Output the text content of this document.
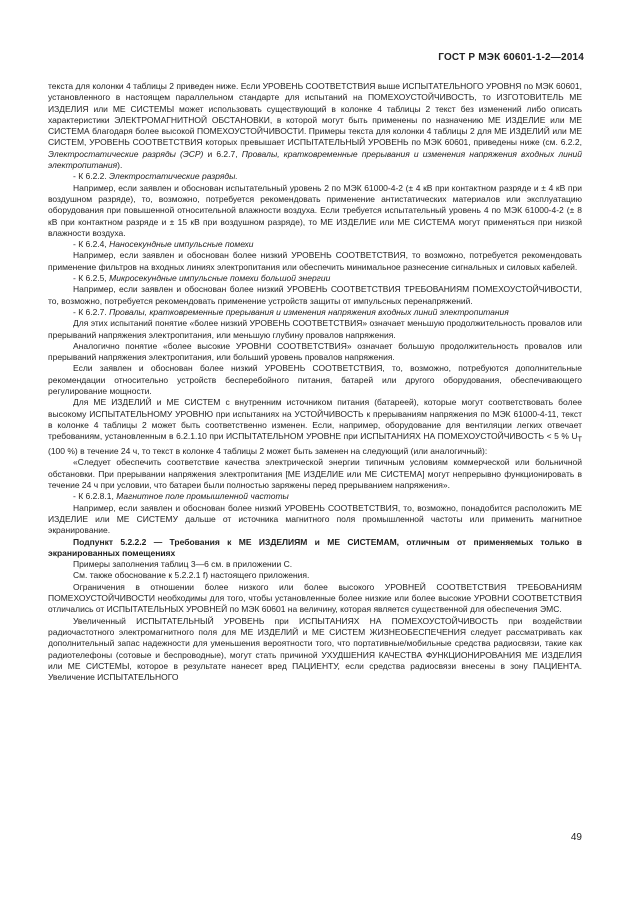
ГОСТ Р МЭК 60601-1-2—2014

текста для колонки 4 таблицы 2 приведен ниже. Если УРОВЕНЬ СООТВЕТСТВИЯ выше ИСПЫТАТЕЛЬНОГО УРОВНЯ по МЭК 60601, установленного в настоящем параллельном стандарте для испытаний на ПОМЕХОУСТОЙЧИВОСТЬ, то ИЗГОТОВИТЕЛЬ МЕ ИЗДЕЛИЯ или МЕ СИСТЕМЫ может использовать существующий в колонке 4 таблицы 2 текст без изменений либо описать характеристики ЭЛЕКТРОМАГНИТНОЙ ОБСТАНОВКИ, в которой могут быть применены по назначению МЕ ИЗДЕЛИЕ или МЕ СИСТЕМА благодаря более высокой ПОМЕХОУСТОЙЧИВОСТИ. Примеры текста для колонки 4 таблицы 2 для МЕ ИЗДЕЛИЙ или МЕ СИСТЕМ, УРОВЕНЬ СООТВЕТСТВИЯ которых превышает ИСПЫТАТЕЛЬНЫЙ УРОВЕНЬ по МЭК 60601, приведены ниже (см. 6.2.2, Электростатические разряды (ЭСР) и 6.2.7, Провалы, кратковременные прерывания и изменения напряжения входных линий электропитания).

- К 6.2.2. Электростатические разряды.

Например, если заявлен и обоснован испытательный уровень 2 по МЭК 61000-4-2 (± 4 кВ при контактном разряде и ± 4 кВ при воздушном разряде), то, возможно, потребуется рекомендовать применение антистатических материалов или эксплуатацию оборудования при повышенной относительной влажности воздуха. Если требуется испытательный уровень 4 по МЭК 61000-4-2 (± 8 кВ при контактном разряде и ± 15 кВ при воздушном разряде), то МЕ ИЗДЕЛИЕ или МЕ СИСТЕМА могут применяться при низкой влажности воздуха.

- К 6.2.4, Наносекундные импульсные помехи

Например, если заявлен и обоснован более низкий УРОВЕНЬ СООТВЕТСТВИЯ, то возможно, потребуется рекомендовать применение фильтров на входных линиях электропитания или обеспечить минимальное разнесение сигнальных и силовых кабелей.

- К 6.2.5, Микросекундные импульсные помехи большой энергии

Например, если заявлен и обоснован более низкий УРОВЕНЬ СООТВЕТСТВИЯ ТРЕБОВАНИЯМ ПОМЕХОУСТОЙЧИВОСТИ, то, возможно, потребуется рекомендовать применение устройств защиты от импульсных перенапряжений.

- К 6.2.7. Провалы, кратковременные прерывания и изменения напряжения входных линий электропитания

Для этих испытаний понятие «более низкий УРОВЕНЬ СООТВЕТСТВИЯ» означает меньшую продолжительность провалов или прерываний напряжения электропитания, или меньшую глубину провалов напряжения.

Аналогично понятие «более высокие УРОВНИ СООТВЕТСТВИЯ» означает большую продолжительность провалов или прерываний напряжения электропитания, или больший уровень провалов напряжения.

Если заявлен и обоснован более низкий УРОВЕНЬ СООТВЕТСТВИЯ, то, возможно, потребуются дополнительные рекомендации относительно устройств бесперебойного питания, батарей или другого оборудования, обеспечивающего регулирование мощности.

Для МЕ ИЗДЕЛИЙ и МЕ СИСТЕМ с внутренним источником питания (батареей), которые могут соответствовать более высокому ИСПЫТАТЕЛЬНОМУ УРОВНЮ при испытаниях на УСТОЙЧИВОСТЬ к прерываниям напряжения по МЭК 61000-4-11, текст в колонке 4 таблицы 2 может быть соответственно изменен. Если, например, оборудование для вентиляции легких отвечает требованиям, установленным в 6.2.1.10 при ИСПЫТАТЕЛЬНОМ УРОВНЕ при ИСПЫТАНИЯХ НА ПОМЕХОУСТОЙЧИВОСТЬ < 5 % $U_T$ (100 %) в течение 24 ч, то текст в колонке 4 таблицы 2 может быть заменен на следующий (или аналогичный):

«Следует обеспечить соответствие качества электрической энергии типичным условиям коммерческой или больничной обстановки. При прерывании напряжения электропитания [МЕ ИЗДЕЛИЕ или МЕ СИСТЕМА] могут непрерывно функционировать в течение 24 ч при условии, что батареи были полностью заряжены перед прерыванием напряжения».

- К 6.2.8.1, Магнитное поле промышленной частоты

Например, если заявлен и обоснован более низкий УРОВЕНЬ СООТВЕТСТВИЯ, то, возможно, понадобится расположить МЕ ИЗДЕЛИЕ или МЕ СИСТЕМУ дальше от источника магнитного поля промышленной частоты или применить магнитное экранирование.

Подпункт 5.2.2.2 — Требования к МЕ ИЗДЕЛИЯМ и МЕ СИСТЕМАМ, отличным от применяемых только в экранированных помещениях

Примеры заполнения таблиц 3—6 см. в приложении С.

См. также обоснование к 5.2.2.1 f) настоящего приложения.

Ограничения в отношении более низкого или более высокого УРОВНЕЙ СООТВЕТСТВИЯ ТРЕБОВАНИЯМ ПОМЕХОУСТОЙЧИВОСТИ необходимы для того, чтобы установленные более низкие или более высокие УРОВНИ СООТВЕТСТВИЯ отличались от ИСПЫТАТЕЛЬНЫХ УРОВНЕЙ по МЭК 60601 на величину, которая является существенной для обеспечения ЭМС.

Увеличенный ИСПЫТАТЕЛЬНЫЙ УРОВЕНЬ при ИСПЫТАНИЯХ НА ПОМЕХОУСТОЙЧИВОСТЬ при воздействии радиочастотного электромагнитного поля для МЕ ИЗДЕЛИЙ и МЕ СИСТЕМ ЖИЗНЕОБЕСПЕЧЕНИЯ следует рассматривать как дополнительный запас надежности для уменьшения вероятности того, что портативные/мобильные средства радиосвязи, такие как радиотелефоны (сотовые и беспроводные), могут стать причиной УХУДШЕНИЯ КАЧЕСТВА ФУНКЦИОНИРОВАНИЯ МЕ ИЗДЕЛИЯ или МЕ СИСТЕМЫ, которое в результате нанесет вред ПАЦИЕНТУ, если средства радиосвязи внесены в зону ПАЦИЕНТА. Увеличение ИСПЫТАТЕЛЬНОГО

49
